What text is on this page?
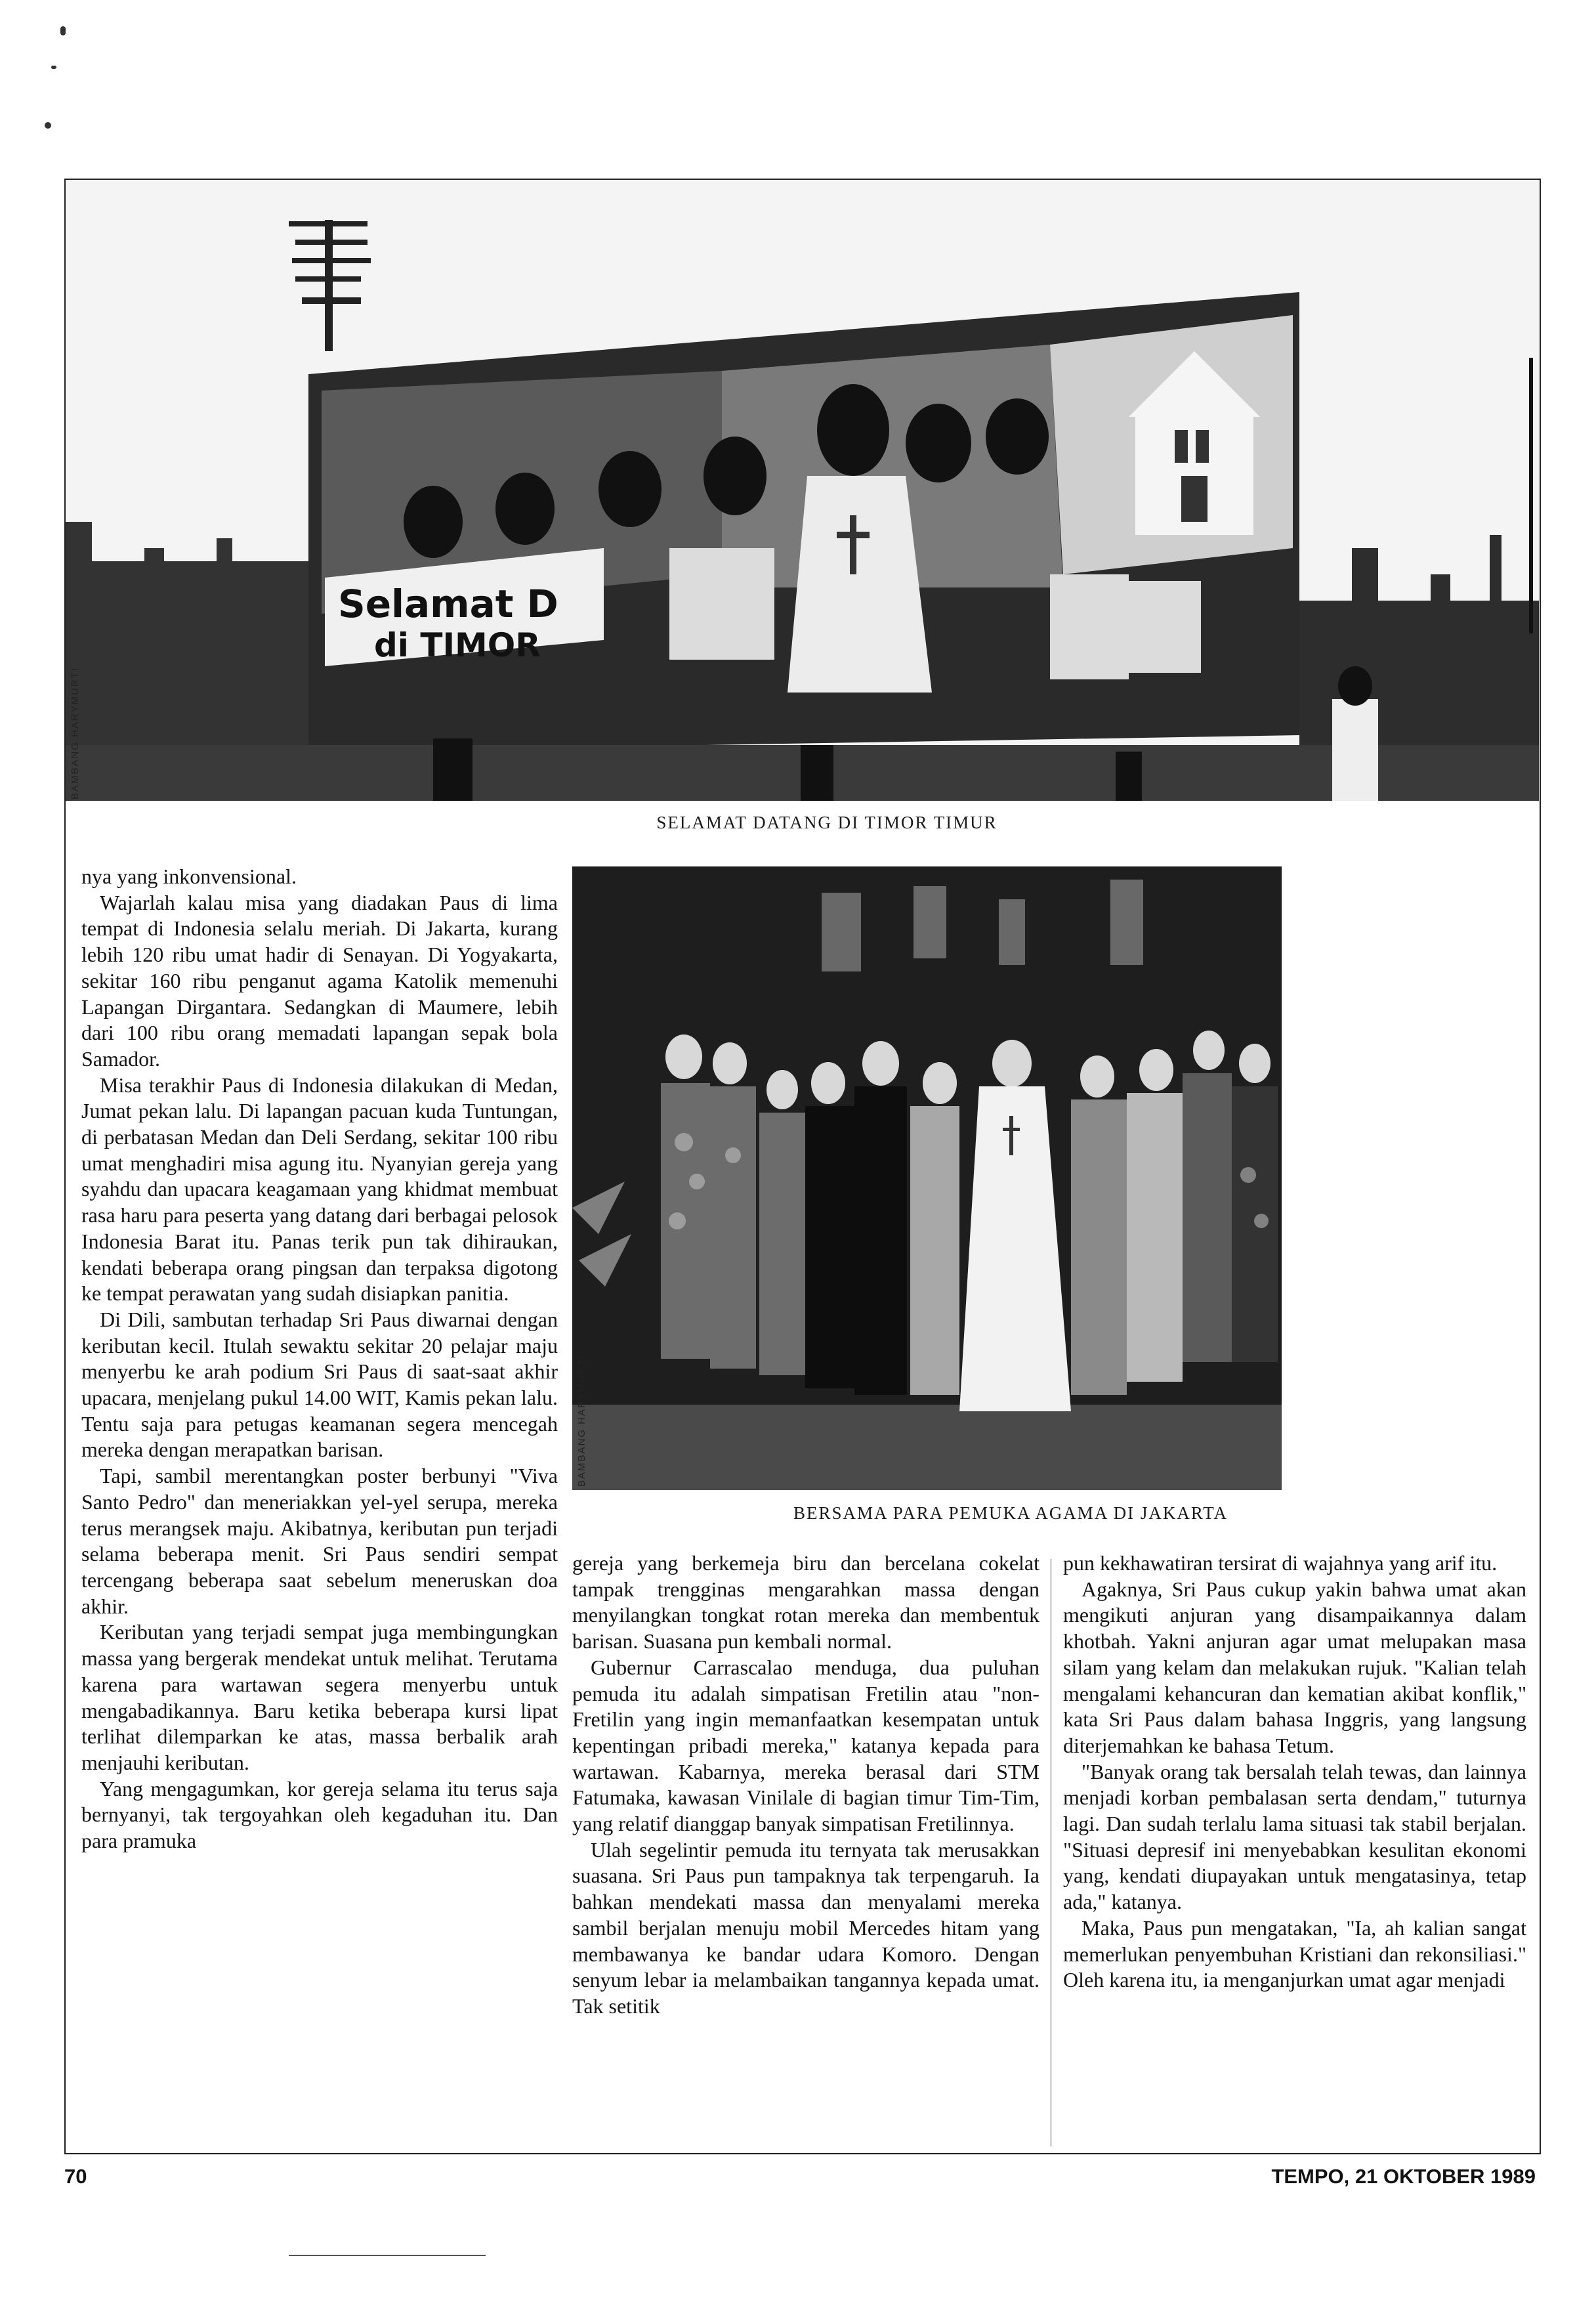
Selamat D
di TIMOR
BAMBANG HARYMURTI
SELAMAT DATANG DI TIMOR TIMUR
BAMBANG HARYMURTI
BERSAMA PARA PEMUKA AGAMA DI JAKARTA

nya yang inkonvensional.

Wajarlah kalau misa yang diadakan Paus di lima tempat di Indonesia selalu meriah. Di Jakarta, kurang lebih 120 ribu umat hadir di Senayan. Di Yogyakarta, sekitar 160 ribu penganut agama Katolik memenuhi Lapangan Dirgantara. Sedangkan di Maumere, lebih dari 100 ribu orang memadati lapangan sepak bola Samador.

Misa terakhir Paus di Indonesia dilakukan di Medan, Jumat pekan lalu. Di lapangan pacuan kuda Tuntungan, di perbatasan Medan dan Deli Serdang, sekitar 100 ribu umat menghadiri misa agung itu. Nyanyian gereja yang syahdu dan upacara keagamaan yang khidmat membuat rasa haru para peserta yang datang dari berbagai pelosok Indonesia Barat itu. Panas terik pun tak dihiraukan, kendati beberapa orang pingsan dan terpaksa digotong ke tempat perawatan yang sudah disiapkan panitia.

Di Dili, sambutan terhadap Sri Paus diwarnai dengan keributan kecil. Itulah sewaktu sekitar 20 pelajar maju menyerbu ke arah podium Sri Paus di saat-saat akhir upacara, menjelang pukul 14.00 WIT, Kamis pekan lalu. Tentu saja para petugas keamanan segera mencegah mereka dengan merapatkan barisan.

Tapi, sambil merentangkan poster berbunyi "Viva Santo Pedro" dan meneriakkan yel-yel serupa, mereka terus merangsek maju. Akibatnya, keributan pun terjadi selama beberapa menit. Sri Paus sendiri sempat tercengang beberapa saat sebelum meneruskan doa akhir.

Keributan yang terjadi sempat juga membingungkan massa yang bergerak mendekat untuk melihat. Terutama karena para wartawan segera menyerbu untuk mengabadikannya. Baru ketika beberapa kursi lipat terlihat dilemparkan ke atas, massa berbalik arah menjauhi keributan.

Yang mengagumkan, kor gereja selama itu terus saja bernyanyi, tak tergoyahkan oleh kegaduhan itu. Dan para pramuka

gereja yang berkemeja biru dan bercelana cokelat tampak trengginas mengarahkan massa dengan menyilangkan tongkat rotan mereka dan membentuk barisan. Suasana pun kembali normal.

Gubernur Carrascalao menduga, dua puluhan pemuda itu adalah simpatisan Fretilin atau "non-Fretilin yang ingin memanfaatkan kesempatan untuk kepentingan pribadi mereka," katanya kepada para wartawan. Kabarnya, mereka berasal dari STM Fatumaka, kawasan Vinilale di bagian timur Tim-Tim, yang relatif dianggap banyak simpatisan Fretilinnya.

Ulah segelintir pemuda itu ternyata tak merusakkan suasana. Sri Paus pun tampaknya tak terpengaruh. Ia bahkan mendekati massa dan menyalami mereka sambil berjalan menuju mobil Mercedes hitam yang membawanya ke bandar udara Komoro. Dengan senyum lebar ia melambaikan tangannya kepada umat. Tak setitik

pun kekhawatiran tersirat di wajahnya yang arif itu.

Agaknya, Sri Paus cukup yakin bahwa umat akan mengikuti anjuran yang disampaikannya dalam khotbah. Yakni anjuran agar umat melupakan masa silam yang kelam dan melakukan rujuk. "Kalian telah mengalami kehancuran dan kematian akibat konflik," kata Sri Paus dalam bahasa Inggris, yang langsung diterjemahkan ke bahasa Tetum.

"Banyak orang tak bersalah telah tewas, dan lainnya menjadi korban pembalasan serta dendam," tuturnya lagi. Dan sudah terlalu lama situasi tak stabil berjalan. "Situasi depresif ini menyebabkan kesulitan ekonomi yang, kendati diupayakan untuk mengatasinya, tetap ada," katanya.

Maka, Paus pun mengatakan, "Ia, ah kalian sangat memerlukan penyembuhan Kristiani dan rekonsiliasi." Oleh karena itu, ia menganjurkan umat agar menjadi

70	TEMPO, 21 OKTOBER 1989
